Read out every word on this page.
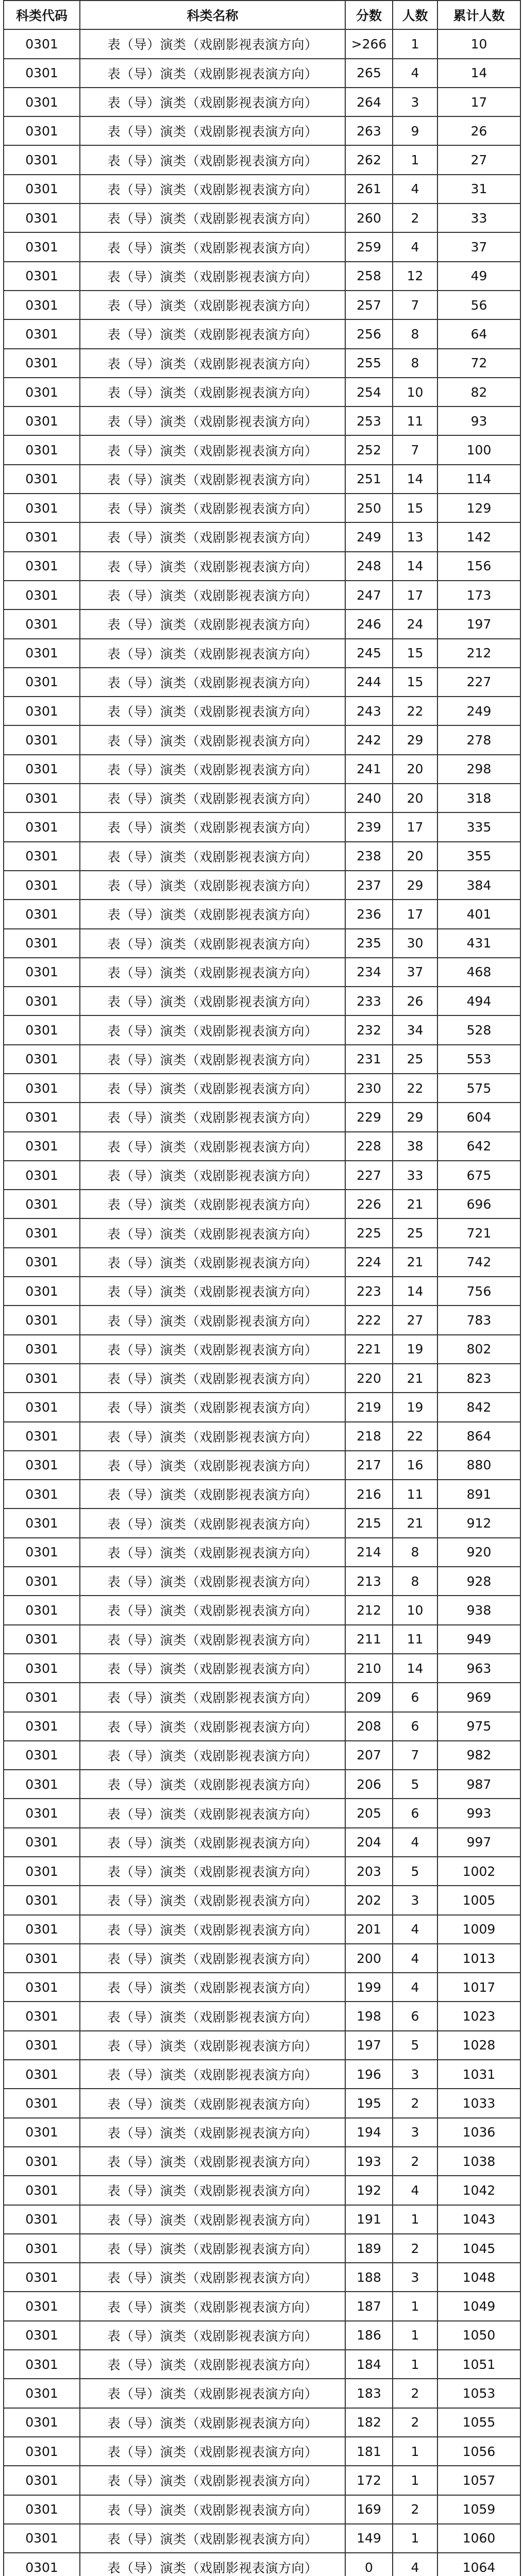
科类代码	科类名称	分数	人数	累计人数
0301	表（导）演类（戏剧影视表演方向）	>266	1	10
0301	表（导）演类（戏剧影视表演方向）	265	4	14
0301	表（导）演类（戏剧影视表演方向）	264	3	17
0301	表（导）演类（戏剧影视表演方向）	263	9	26
0301	表（导）演类（戏剧影视表演方向）	262	1	27
0301	表（导）演类（戏剧影视表演方向）	261	4	31
0301	表（导）演类（戏剧影视表演方向）	260	2	33
0301	表（导）演类（戏剧影视表演方向）	259	4	37
0301	表（导）演类（戏剧影视表演方向）	258	12	49
0301	表（导）演类（戏剧影视表演方向）	257	7	56
0301	表（导）演类（戏剧影视表演方向）	256	8	64
0301	表（导）演类（戏剧影视表演方向）	255	8	72
0301	表（导）演类（戏剧影视表演方向）	254	10	82
0301	表（导）演类（戏剧影视表演方向）	253	11	93
0301	表（导）演类（戏剧影视表演方向）	252	7	100
0301	表（导）演类（戏剧影视表演方向）	251	14	114
0301	表（导）演类（戏剧影视表演方向）	250	15	129
0301	表（导）演类（戏剧影视表演方向）	249	13	142
0301	表（导）演类（戏剧影视表演方向）	248	14	156
0301	表（导）演类（戏剧影视表演方向）	247	17	173
0301	表（导）演类（戏剧影视表演方向）	246	24	197
0301	表（导）演类（戏剧影视表演方向）	245	15	212
0301	表（导）演类（戏剧影视表演方向）	244	15	227
0301	表（导）演类（戏剧影视表演方向）	243	22	249
0301	表（导）演类（戏剧影视表演方向）	242	29	278
0301	表（导）演类（戏剧影视表演方向）	241	20	298
0301	表（导）演类（戏剧影视表演方向）	240	20	318
0301	表（导）演类（戏剧影视表演方向）	239	17	335
0301	表（导）演类（戏剧影视表演方向）	238	20	355
0301	表（导）演类（戏剧影视表演方向）	237	29	384
0301	表（导）演类（戏剧影视表演方向）	236	17	401
0301	表（导）演类（戏剧影视表演方向）	235	30	431
0301	表（导）演类（戏剧影视表演方向）	234	37	468
0301	表（导）演类（戏剧影视表演方向）	233	26	494
0301	表（导）演类（戏剧影视表演方向）	232	34	528
0301	表（导）演类（戏剧影视表演方向）	231	25	553
0301	表（导）演类（戏剧影视表演方向）	230	22	575
0301	表（导）演类（戏剧影视表演方向）	229	29	604
0301	表（导）演类（戏剧影视表演方向）	228	38	642
0301	表（导）演类（戏剧影视表演方向）	227	33	675
0301	表（导）演类（戏剧影视表演方向）	226	21	696
0301	表（导）演类（戏剧影视表演方向）	225	25	721
0301	表（导）演类（戏剧影视表演方向）	224	21	742
0301	表（导）演类（戏剧影视表演方向）	223	14	756
0301	表（导）演类（戏剧影视表演方向）	222	27	783
0301	表（导）演类（戏剧影视表演方向）	221	19	802
0301	表（导）演类（戏剧影视表演方向）	220	21	823
0301	表（导）演类（戏剧影视表演方向）	219	19	842
0301	表（导）演类（戏剧影视表演方向）	218	22	864
0301	表（导）演类（戏剧影视表演方向）	217	16	880
0301	表（导）演类（戏剧影视表演方向）	216	11	891
0301	表（导）演类（戏剧影视表演方向）	215	21	912
0301	表（导）演类（戏剧影视表演方向）	214	8	920
0301	表（导）演类（戏剧影视表演方向）	213	8	928
0301	表（导）演类（戏剧影视表演方向）	212	10	938
0301	表（导）演类（戏剧影视表演方向）	211	11	949
0301	表（导）演类（戏剧影视表演方向）	210	14	963
0301	表（导）演类（戏剧影视表演方向）	209	6	969
0301	表（导）演类（戏剧影视表演方向）	208	6	975
0301	表（导）演类（戏剧影视表演方向）	207	7	982
0301	表（导）演类（戏剧影视表演方向）	206	5	987
0301	表（导）演类（戏剧影视表演方向）	205	6	993
0301	表（导）演类（戏剧影视表演方向）	204	4	997
0301	表（导）演类（戏剧影视表演方向）	203	5	1002
0301	表（导）演类（戏剧影视表演方向）	202	3	1005
0301	表（导）演类（戏剧影视表演方向）	201	4	1009
0301	表（导）演类（戏剧影视表演方向）	200	4	1013
0301	表（导）演类（戏剧影视表演方向）	199	4	1017
0301	表（导）演类（戏剧影视表演方向）	198	6	1023
0301	表（导）演类（戏剧影视表演方向）	197	5	1028
0301	表（导）演类（戏剧影视表演方向）	196	3	1031
0301	表（导）演类（戏剧影视表演方向）	195	2	1033
0301	表（导）演类（戏剧影视表演方向）	194	3	1036
0301	表（导）演类（戏剧影视表演方向）	193	2	1038
0301	表（导）演类（戏剧影视表演方向）	192	4	1042
0301	表（导）演类（戏剧影视表演方向）	191	1	1043
0301	表（导）演类（戏剧影视表演方向）	189	2	1045
0301	表（导）演类（戏剧影视表演方向）	188	3	1048
0301	表（导）演类（戏剧影视表演方向）	187	1	1049
0301	表（导）演类（戏剧影视表演方向）	186	1	1050
0301	表（导）演类（戏剧影视表演方向）	184	1	1051
0301	表（导）演类（戏剧影视表演方向）	183	2	1053
0301	表（导）演类（戏剧影视表演方向）	182	2	1055
0301	表（导）演类（戏剧影视表演方向）	181	1	1056
0301	表（导）演类（戏剧影视表演方向）	172	1	1057
0301	表（导）演类（戏剧影视表演方向）	169	2	1059
0301	表（导）演类（戏剧影视表演方向）	149	1	1060
0301	表（导）演类（戏剧影视表演方向）	0	4	1064
